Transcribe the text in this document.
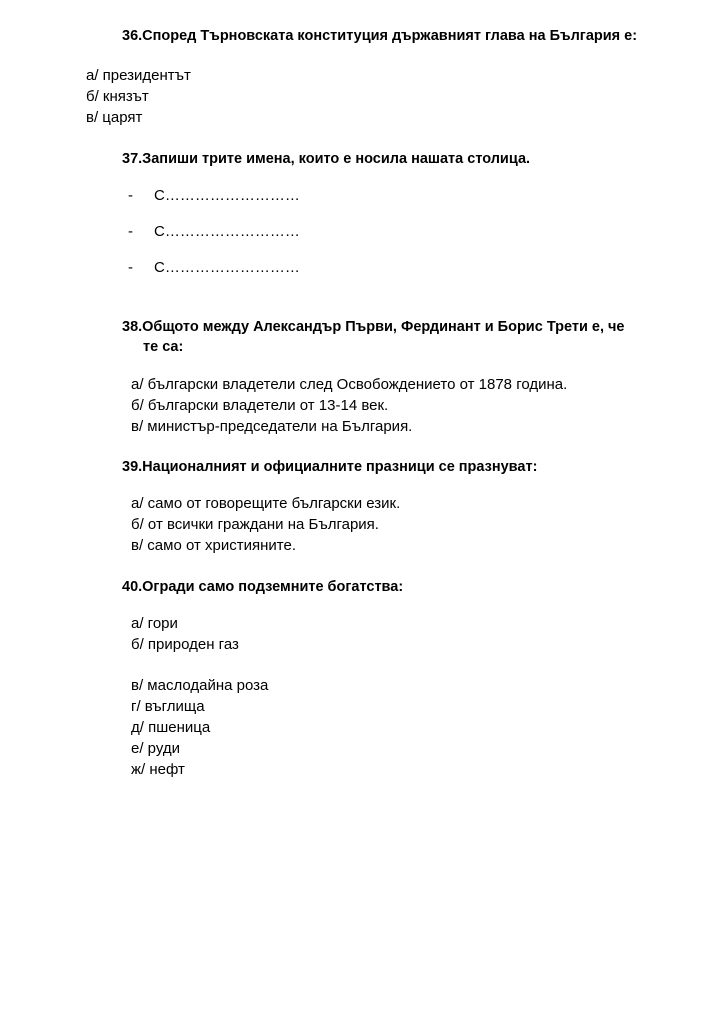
36.Според Търновската конституция държавният глава на България е:
а/ президентът
б/ князът
в/ царят
37.Запиши трите имена, които е носила нашата столица.
- С………………………
- С………………………
- С………………………
38.Общото между Александър Първи, Фердинант и Борис Трети е, че
те са:
а/ български владетели след Освобождението от 1878 година.
б/ български владетели от 13-14 век.
в/ министър-председатели на България.
39.Националният и официалните празници се празнуват:
а/ само от говорещите български език.
б/ от всички граждани на България.
в/ само от християните.
40.Огради само подземните богатства:
а/ гори
б/ природен газ
в/ маслодайна роза
г/ въглища
д/ пшеница
е/ руди
ж/ нефт
